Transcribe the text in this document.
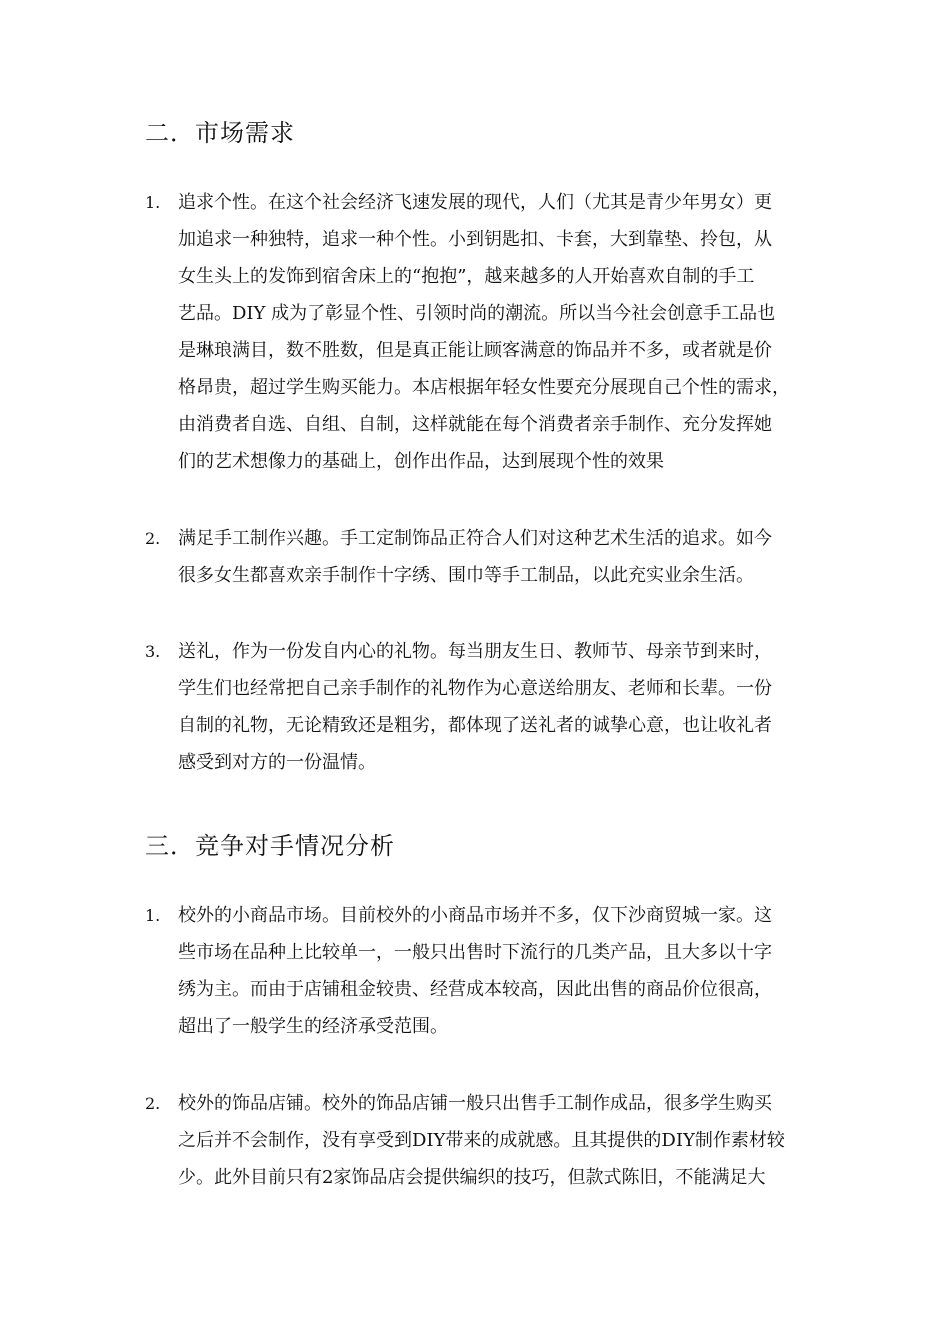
二．市场需求
1. 追求个性。在这个社会经济飞速发展的现代，人们（尤其是青少年男女）更
加追求一种独特，追求一种个性。小到钥匙扣、卡套，大到靠垫、拎包，从
女生头上的发饰到宿舍床上的“抱抱”，越来越多的人开始喜欢自制的手工
艺品。DIY 成为了彰显个性、引领时尚的潮流。所以当今社会创意手工品也
是琳琅满目，数不胜数，但是真正能让顾客满意的饰品并不多，或者就是价
格昂贵，超过学生购买能力。本店根据年轻女性要充分展现自己个性的需求，
由消费者自选、自组、自制，这样就能在每个消费者亲手制作、充分发挥她
们的艺术想像力的基础上，创作出作品，达到展现个性的效果
2. 满足手工制作兴趣。手工定制饰品正符合人们对这种艺术生活的追求。如今
很多女生都喜欢亲手制作十字绣、围巾等手工制品，以此充实业余生活。
3. 送礼，作为一份发自内心的礼物。每当朋友生日、教师节、母亲节到来时，
学生们也经常把自己亲手制作的礼物作为心意送给朋友、老师和长辈。一份
自制的礼物，无论精致还是粗劣，都体现了送礼者的诚挚心意，也让收礼者
感受到对方的一份温情。
三．竞争对手情况分析
1. 校外的小商品市场。目前校外的小商品市场并不多，仅下沙商贸城一家。这
些市场在品种上比较单一，一般只出售时下流行的几类产品，且大多以十字
绣为主。而由于店铺租金较贵、经营成本较高，因此出售的商品价位很高，
超出了一般学生的经济承受范围。
2. 校外的饰品店铺。校外的饰品店铺一般只出售手工制作成品，很多学生购买
之后并不会制作，没有享受到DIY带来的成就感。且其提供的DIY制作素材较
少。此外目前只有2家饰品店会提供编织的技巧，但款式陈旧，不能满足大
